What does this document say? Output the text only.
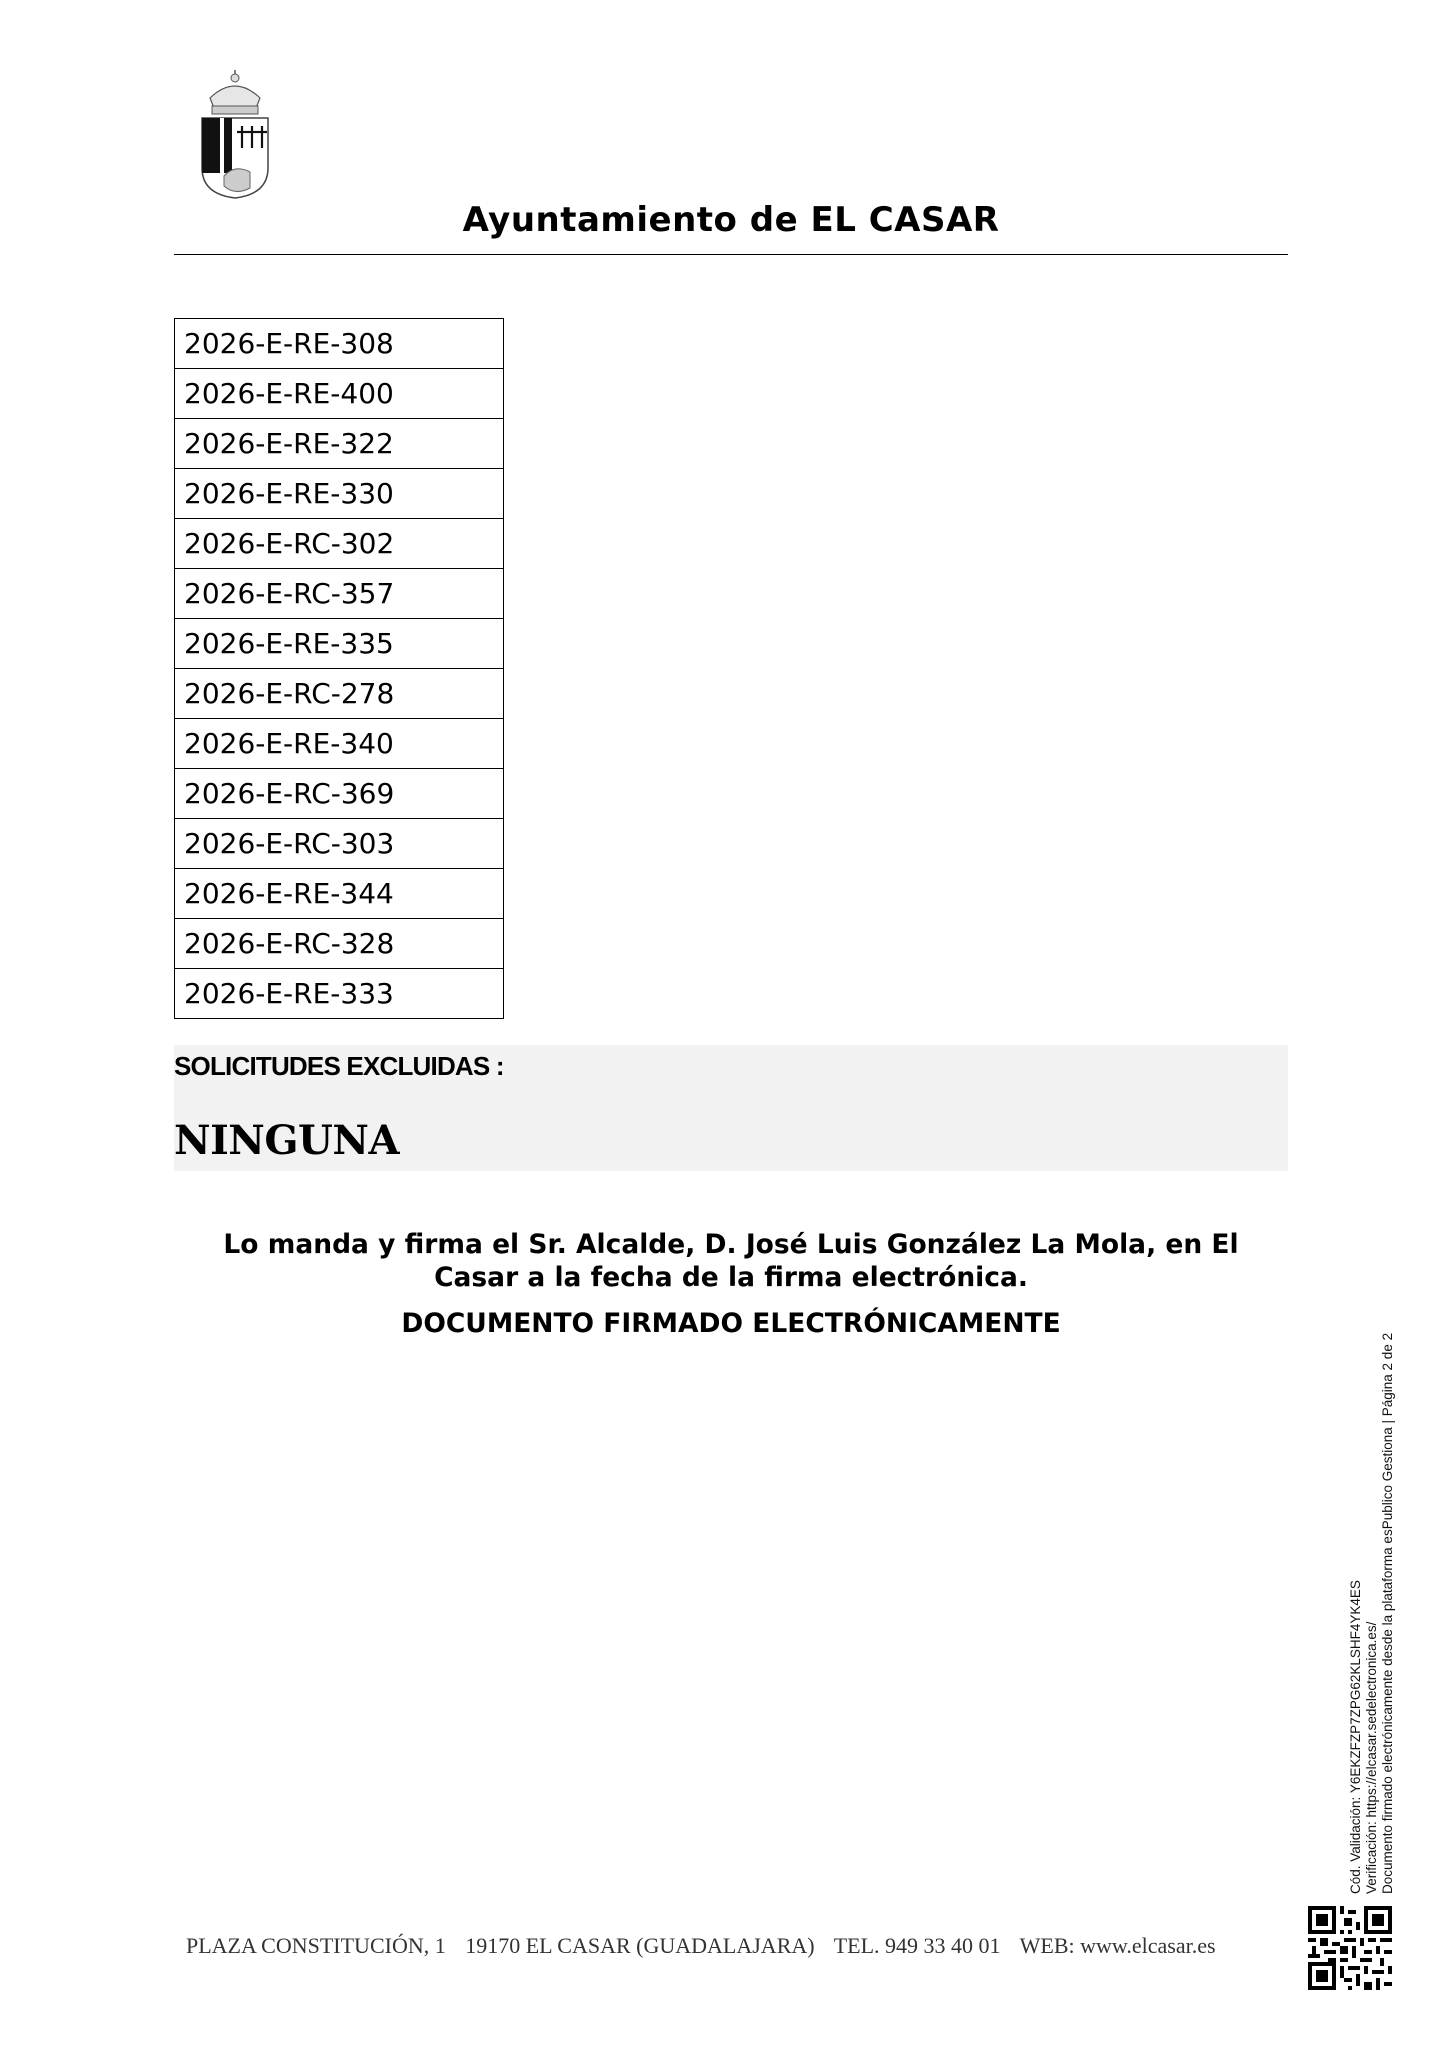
Ayuntamiento de EL CASAR
2026-E-RE-308
2026-E-RE-400
2026-E-RE-322
2026-E-RE-330
2026-E-RC-302
2026-E-RC-357
2026-E-RE-335
2026-E-RC-278
2026-E-RE-340
2026-E-RC-369
2026-E-RC-303
2026-E-RE-344
2026-E-RC-328
2026-E-RE-333
SOLICITUDES EXCLUIDAS :
NINGUNA
Lo manda y firma el Sr. Alcalde, D. José Luis González La Mola, en El
Casar a la fecha de la firma electrónica.
DOCUMENTO FIRMADO ELECTRÓNICAMENTE
Cód. Validación: Y6EKZFZP7ZPG62KLSHF4YK4ES Verificación: https://elcasar.sedelectronica.es/ Documento firmado electrónicamente desde la plataforma esPublico Gestiona | Página 2 de 2
PLAZA CONSTITUCIÓN, 1 19170 EL CASAR (GUADALAJARA) TEL. 949 33 40 01 WEB: www.elcasar.es
